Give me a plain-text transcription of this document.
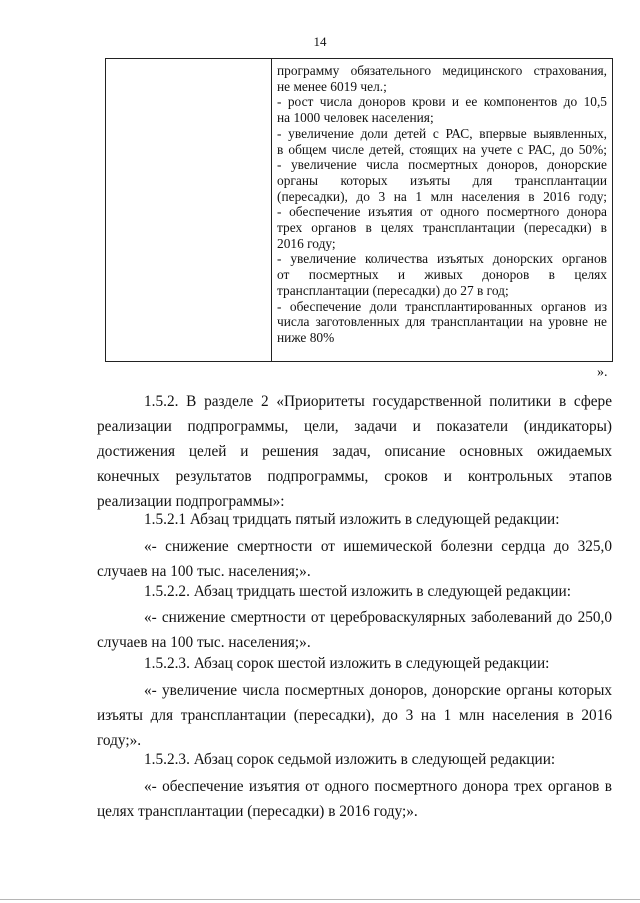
14
программу обязательного медицинского страхования,
не менее 6019 чел.;
- рост числа доноров крови и ее компонентов до 10,5
на 1000 человек населения;
- увеличение доли детей с РАС, впервые выявленных,
в общем числе детей, стоящих на учете с РАС, до 50%;
- увеличение числа посмертных доноров, донорские
органы которых изъяты для трансплантации
(пересадки), до 3 на 1 млн населения в 2016 году;
- обеспечение изъятия от одного посмертного донора
трех органов в целях трансплантации (пересадки) в
2016 году;
- увеличение количества изъятых донорских органов
от посмертных и живых доноров в целях
трансплантации (пересадки) до 27 в год;
- обеспечение доли трансплантированных органов из
числа заготовленных для трансплантации на уровне не
ниже 80%
».
1.5.2. В разделе 2 «Приоритеты государственной политики в сфере
реализации подпрограммы, цели, задачи и показатели (индикаторы)
достижения целей и решения задач, описание основных ожидаемых
конечных результатов подпрограммы, сроков и контрольных этапов
реализации подпрограммы»:
1.5.2.1 Абзац тридцать пятый изложить в следующей редакции:
«- снижение смертности от ишемической болезни сердца до 325,0
случаев на 100 тыс. населения;».
1.5.2.2. Абзац тридцать шестой изложить в следующей редакции:
«- снижение смертности от цереброваскулярных заболеваний до 250,0
случаев на 100 тыс. населения;».
1.5.2.3. Абзац сорок шестой изложить в следующей редакции:
«- увеличение числа посмертных доноров, донорские органы которых
изъяты для трансплантации (пересадки), до 3 на 1 млн населения в 2016
году;».
1.5.2.3. Абзац сорок седьмой изложить в следующей редакции:
«- обеспечение изъятия от одного посмертного донора трех органов в
целях трансплантации (пересадки) в 2016 году;».
